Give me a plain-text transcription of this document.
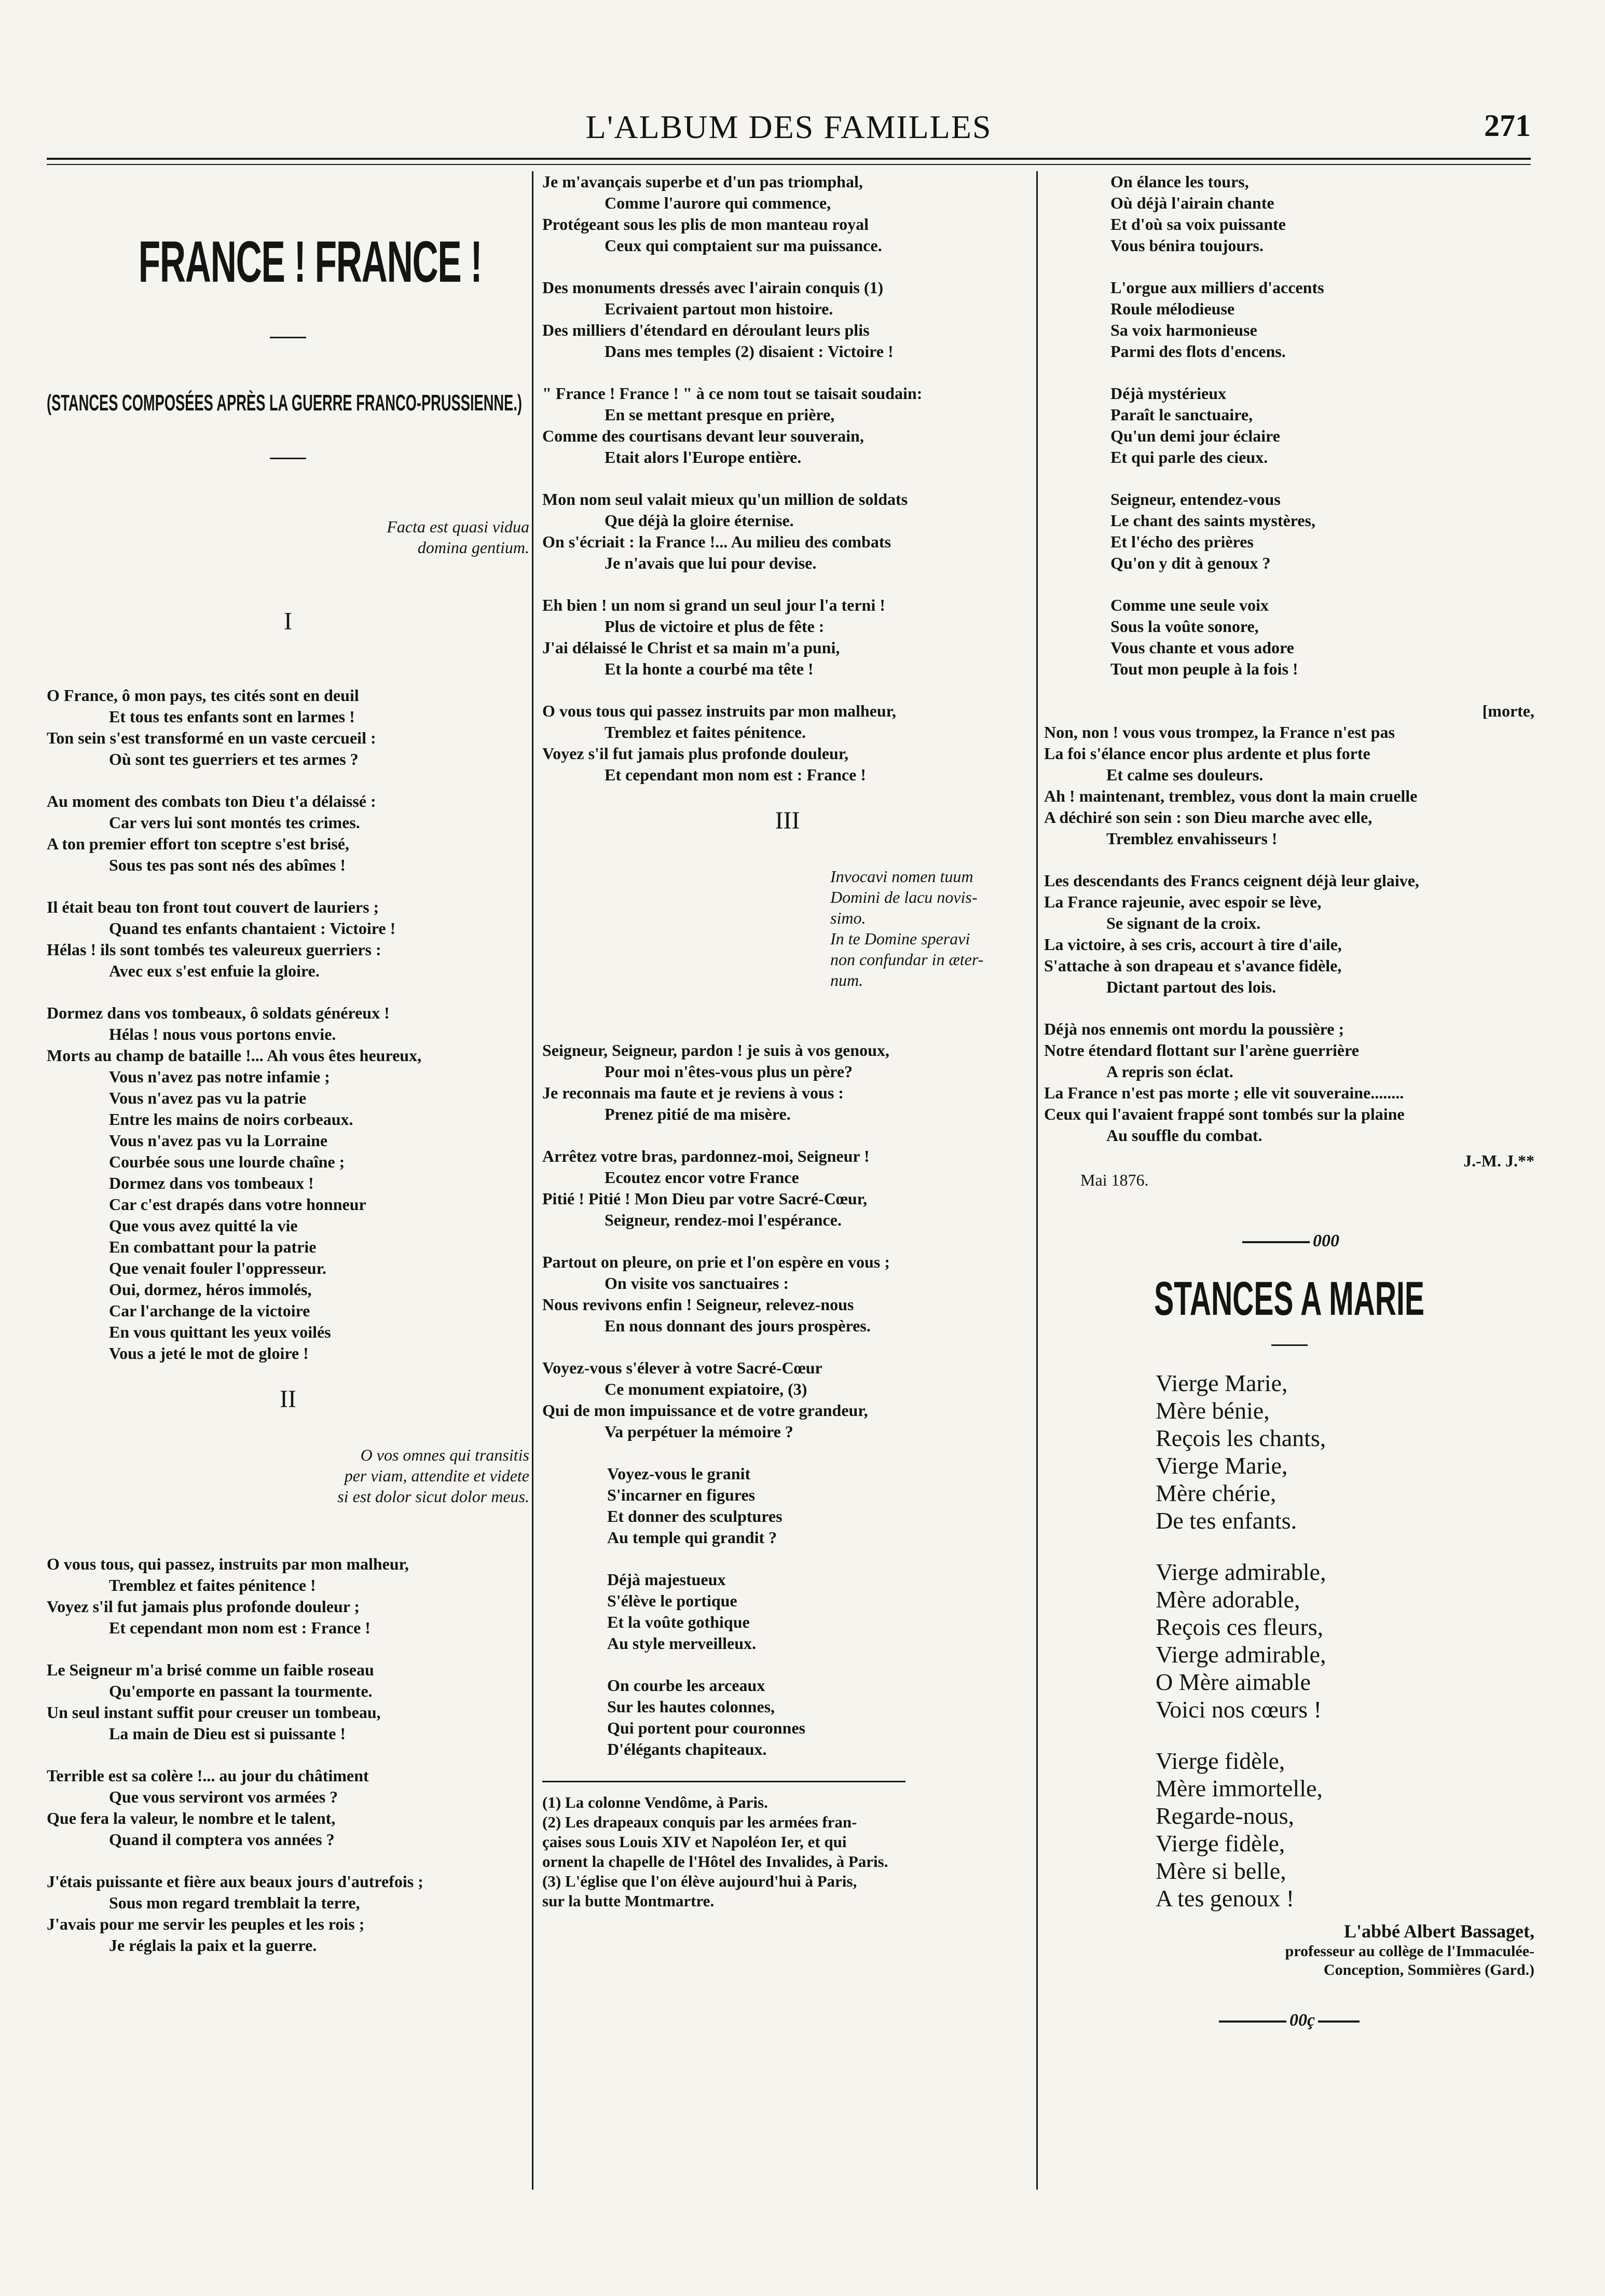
L'ALBUM DES FAMILLES	271
FRANCE ! FRANCE !
(STANCES COMPOSÉES APRÈS LA GUERRE FRANCO-PRUSSIENNE.)
Facta est quasi vidua
domina gentium.
I
O France, ô mon pays, tes cités sont en deuil
Et tous tes enfants sont en larmes !
Ton sein s'est transformé en un vaste cercueil :
Où sont tes guerriers et tes armes ?
Au moment des combats ton Dieu t'a délaissé :
Car vers lui sont montés tes crimes.
A ton premier effort ton sceptre s'est brisé,
Sous tes pas sont nés des abîmes !
Il était beau ton front tout couvert de lauriers ;
Quand tes enfants chantaient : Victoire !
Hélas ! ils sont tombés tes valeureux guerriers :
Avec eux s'est enfuie la gloire.
Dormez dans vos tombeaux, ô soldats généreux !
Hélas ! nous vous portons envie.
Morts au champ de bataille !... Ah vous êtes heureux,
Vous n'avez pas notre infamie ;
Vous n'avez pas vu la patrie
Entre les mains de noirs corbeaux.
Vous n'avez pas vu la Lorraine
Courbée sous une lourde chaîne ;
Dormez dans vos tombeaux !
Car c'est drapés dans votre honneur
Que vous avez quitté la vie
En combattant pour la patrie
Que venait fouler l'oppresseur.
Oui, dormez, héros immolés,
Car l'archange de la victoire
En vous quittant les yeux voilés
Vous a jeté le mot de gloire !
II
O vos omnes qui transitis
per viam, attendite et videte
si est dolor sicut dolor meus.
O vous tous, qui passez, instruits par mon malheur,
Tremblez et faites pénitence !
Voyez s'il fut jamais plus profonde douleur ;
Et cependant mon nom est : France !
Le Seigneur m'a brisé comme un faible roseau
Qu'emporte en passant la tourmente.
Un seul instant suffit pour creuser un tombeau,
La main de Dieu est si puissante !
Terrible est sa colère !... au jour du châtiment
Que vous serviront vos armées ?
Que fera la valeur, le nombre et le talent,
Quand il comptera vos années ?
J'étais puissante et fière aux beaux jours d'autrefois ;
Sous mon regard tremblait la terre,
J'avais pour me servir les peuples et les rois ;
Je réglais la paix et la guerre.
Je m'avançais superbe et d'un pas triomphal,
Comme l'aurore qui commence,
Protégeant sous les plis de mon manteau royal
Ceux qui comptaient sur ma puissance.
Des monuments dressés avec l'airain conquis (1)
Ecrivaient partout mon histoire.
Des milliers d'étendard en déroulant leurs plis
Dans mes temples (2) disaient : Victoire !
" France ! France ! " à ce nom tout se taisait soudain:
En se mettant presque en prière,
Comme des courtisans devant leur souverain,
Etait alors l'Europe entière.
Mon nom seul valait mieux qu'un million de soldats
Que déjà la gloire éternise.
On s'écriait : la France !... Au milieu des combats
Je n'avais que lui pour devise.
Eh bien ! un nom si grand un seul jour l'a terni !
Plus de victoire et plus de fête :
J'ai délaissé le Christ et sa main m'a puni,
Et la honte a courbé ma tête !
O vous tous qui passez instruits par mon malheur,
Tremblez et faites pénitence.
Voyez s'il fut jamais plus profonde douleur,
Et cependant mon nom est : France !
III
Invocavi nomen tuum
Domini de lacu novis-
simo.
In te Domine speravi
non confundar in æter-
num.
Seigneur, Seigneur, pardon ! je suis à vos genoux,
Pour moi n'êtes-vous plus un père?
Je reconnais ma faute et je reviens à vous :
Prenez pitié de ma misère.
Arrêtez votre bras, pardonnez-moi, Seigneur !
Ecoutez encor votre France
Pitié ! Pitié ! Mon Dieu par votre Sacré-Cœur,
Seigneur, rendez-moi l'espérance.
Partout on pleure, on prie et l'on espère en vous ;
On visite vos sanctuaires :
Nous revivons enfin ! Seigneur, relevez-nous
En nous donnant des jours prospères.
Voyez-vous s'élever à votre Sacré-Cœur
Ce monument expiatoire, (3)
Qui de mon impuissance et de votre grandeur,
Va perpétuer la mémoire ?
Voyez-vous le granit
S'incarner en figures
Et donner des sculptures
Au temple qui grandit ?
Déjà majestueux
S'élève le portique
Et la voûte gothique
Au style merveilleux.
On courbe les arceaux
Sur les hautes colonnes,
Qui portent pour couronnes
D'élégants chapiteaux.
(1) La colonne Vendôme, à Paris.
(2) Les drapeaux conquis par les armées fran-
çaises sous Louis XIV et Napoléon Ier, et qui
ornent la chapelle de l'Hôtel des Invalides, à Paris.
(3) L'église que l'on élève aujourd'hui à Paris,
sur la butte Montmartre.
On élance les tours,
Où déjà l'airain chante
Et d'où sa voix puissante
Vous bénira toujours.
L'orgue aux milliers d'accents
Roule mélodieuse
Sa voix harmonieuse
Parmi des flots d'encens.
Déjà mystérieux
Paraît le sanctuaire,
Qu'un demi jour éclaire
Et qui parle des cieux.
Seigneur, entendez-vous
Le chant des saints mystères,
Et l'écho des prières
Qu'on y dit à genoux ?
Comme une seule voix
Sous la voûte sonore,
Vous chante et vous adore
Tout mon peuple à la fois !
[morte,
Non, non ! vous vous trompez, la France n'est pas
La foi s'élance encor plus ardente et plus forte
Et calme ses douleurs.
Ah ! maintenant, tremblez, vous dont la main cruelle
A déchiré son sein : son Dieu marche avec elle,
Tremblez envahisseurs !
Les descendants des Francs ceignent déjà leur glaive,
La France rajeunie, avec espoir se lève,
Se signant de la croix.
La victoire, à ses cris, accourt à tire d'aile,
S'attache à son drapeau et s'avance fidèle,
Dictant partout des lois.
Déjà nos ennemis ont mordu la poussière ;
Notre étendard flottant sur l'arène guerrière
A repris son éclat.
La France n'est pas morte ; elle vit souveraine........
Ceux qui l'avaient frappé sont tombés sur la plaine
Au souffle du combat.
J.-M. J.**
Mai 1876.
000
STANCES A MARIE
Vierge Marie,
Mère bénie,
Reçois les chants,
Vierge Marie,
Mère chérie,
De tes enfants.
Vierge admirable,
Mère adorable,
Reçois ces fleurs,
Vierge admirable,
O Mère aimable
Voici nos cœurs !
Vierge fidèle,
Mère immortelle,
Regarde-nous,
Vierge fidèle,
Mère si belle,
A tes genoux !
L'abbé Albert Bassaget,
professeur au collège de l'Immaculée-
Conception, Sommières (Gard.)
00ç
